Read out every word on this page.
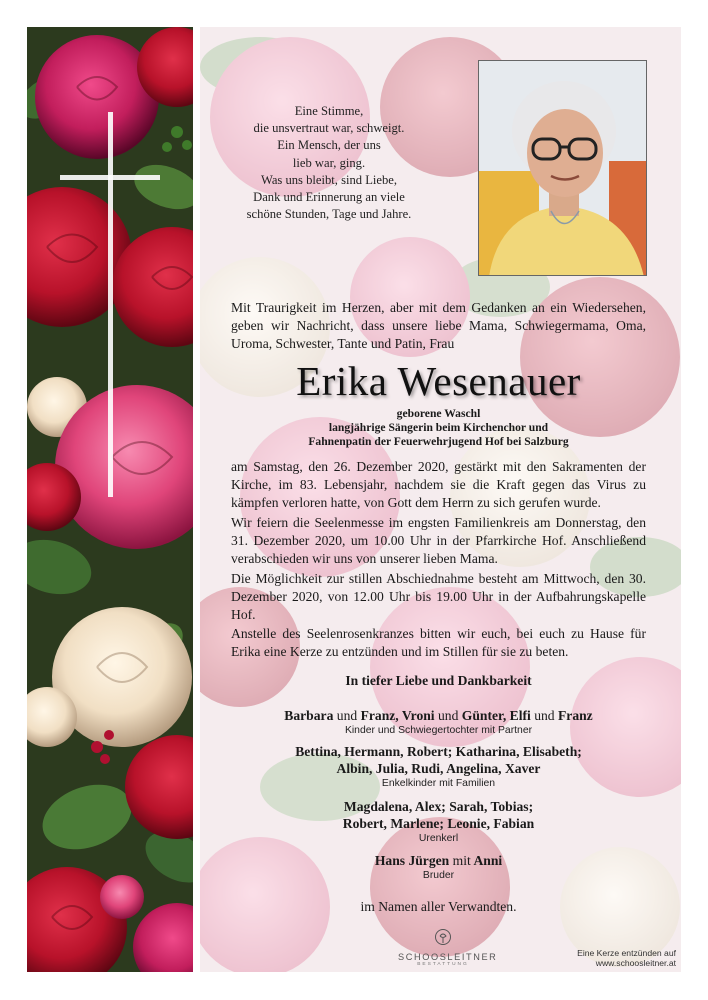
Eine Stimme,
die unsvertraut war, schweigt.
Ein Mensch, der uns
lieb war, ging.
Was uns bleibt, sind Liebe,
Dank und Erinnerung an viele
schöne Stunden, Tage und Jahre.
Mit Traurigkeit im Herzen, aber mit dem Gedanken an ein Wiedersehen, geben wir Nachricht, dass unsere liebe Mama, Schwiegermama, Oma, Uroma, Schwester, Tante und Patin, Frau
Erika Wesenauer
geborene Waschl
langjährige Sängerin beim Kirchenchor und
Fahnenpatin der Feuerwehrjugend Hof bei Salzburg
am Samstag, den 26. Dezember 2020, gestärkt mit den Sakramenten der Kirche, im 83. Lebensjahr, nachdem sie die Kraft gegen das Virus zu kämpfen verloren hatte, von Gott dem Herrn zu sich gerufen wurde.
Wir feiern die Seelenmesse im engsten Familienkreis am Donnerstag, den 31. Dezember 2020, um 10.00 Uhr in der Pfarrkirche Hof. Anschließend verabschieden wir uns von unserer lieben Mama.
Die Möglichkeit zur stillen Abschiednahme besteht am Mittwoch, den 30. Dezember 2020, von 12.00 Uhr bis 19.00 Uhr in der Aufbahrungskapelle Hof.
Anstelle des Seelenrosenkranzes bitten wir euch, bei euch zu Hause für Erika eine Kerze zu entzünden und im Stillen für sie zu beten.
In tiefer Liebe und Dankbarkeit
Barbara und Franz, Vroni und Günter, Elfi und Franz
Kinder und Schwiegertochter mit Partner
Bettina, Hermann, Robert; Katharina, Elisabeth;
Albin, Julia, Rudi, Angelina, Xaver
Enkelkinder mit Familien
Magdalena, Alex; Sarah, Tobias;
Robert, Marlene; Leonie, Fabian
Urenkerl
Hans Jürgen mit Anni
Bruder
im Namen aller Verwandten.
SCHOOSLEITNER
BESTATTUNG
Eine Kerze entzünden auf
www.schoosleitner.at
